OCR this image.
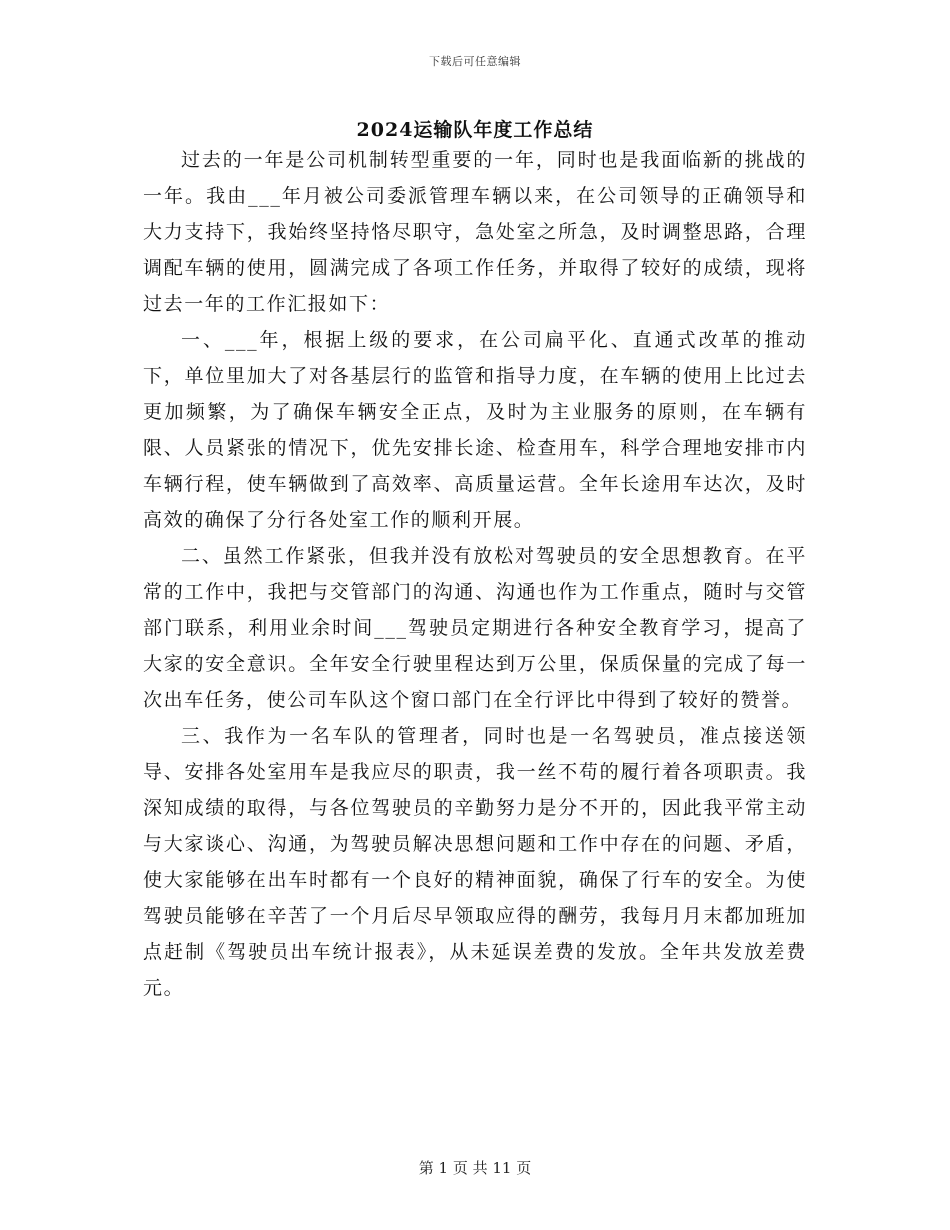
下载后可任意编辑
2024运输队年度工作总结

过去的一年是公司机制转型重要的一年，同时也是我面临新的挑战的一年。我由___年月被公司委派管理车辆以来，在公司领导的正确领导和大力支持下，我始终坚持恪尽职守，急处室之所急，及时调整思路，合理调配车辆的使用，圆满完成了各项工作任务，并取得了较好的成绩，现将过去一年的工作汇报如下：

一、___年，根据上级的要求，在公司扁平化、直通式改革的推动下，单位里加大了对各基层行的监管和指导力度，在车辆的使用上比过去更加频繁，为了确保车辆安全正点，及时为主业服务的原则，在车辆有限、人员紧张的情况下，优先安排长途、检查用车，科学合理地安排市内车辆行程，使车辆做到了高效率、高质量运营。全年长途用车达次，及时高效的确保了分行各处室工作的顺利开展。

二、虽然工作紧张，但我并没有放松对驾驶员的安全思想教育。在平常的工作中，我把与交管部门的沟通、沟通也作为工作重点，随时与交管部门联系，利用业余时间___驾驶员定期进行各种安全教育学习，提高了大家的安全意识。全年安全行驶里程达到万公里，保质保量的完成了每一次出车任务，使公司车队这个窗口部门在全行评比中得到了较好的赞誉。

三、我作为一名车队的管理者，同时也是一名驾驶员，准点接送领导、安排各处室用车是我应尽的职责，我一丝不苟的履行着各项职责。我深知成绩的取得，与各位驾驶员的辛勤努力是分不开的，因此我平常主动与大家谈心、沟通，为驾驶员解决思想问题和工作中存在的问题、矛盾，使大家能够在出车时都有一个良好的精神面貌，确保了行车的安全。为使驾驶员能够在辛苦了一个月后尽早领取应得的酬劳，我每月月末都加班加点赶制《驾驶员出车统计报表》，从未延误差费的发放。全年共发放差费元。

第 1 页 共 11 页
